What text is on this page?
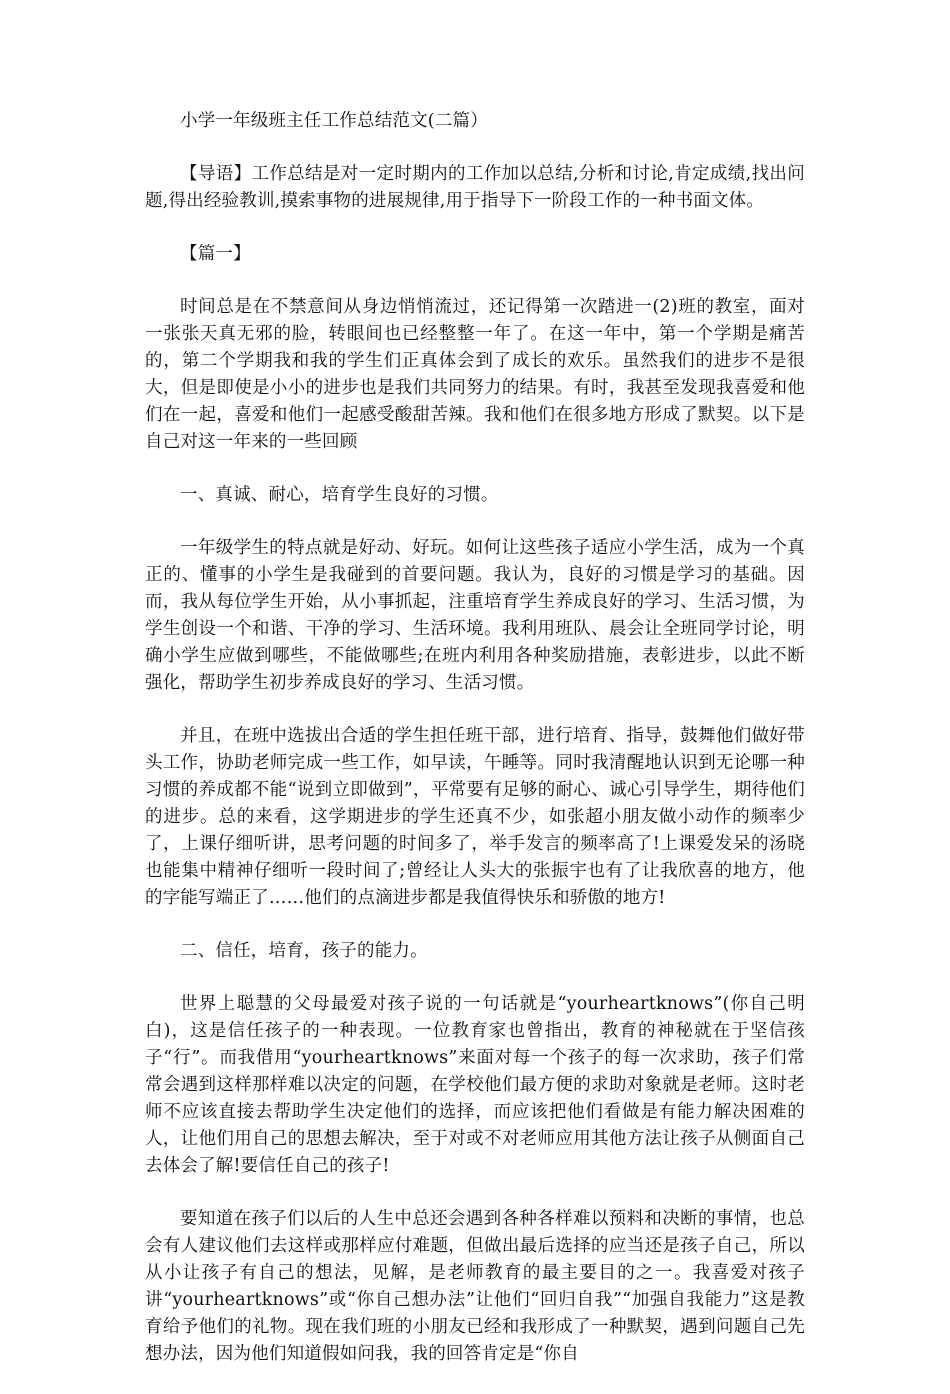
小学一年级班主任工作总结范文(二篇）

【导语】工作总结是对一定时期内的工作加以总结,分析和讨论,肯定成绩,找出问题,得出经验教训,摸索事物的进展规律,用于指导下一阶段工作的一种书面文体。

【篇一】

时间总是在不禁意间从身边悄悄流过，还记得第一次踏进一(2)班的教室，面对一张张天真无邪的脸，转眼间也已经整整一年了。在这一年中，第一个学期是痛苦的，第二个学期我和我的学生们正真体会到了成长的欢乐。虽然我们的进步不是很大，但是即使是小小的进步也是我们共同努力的结果。有时，我甚至发现我喜爱和他们在一起，喜爱和他们一起感受酸甜苦辣。我和他们在很多地方形成了默契。以下是自己对这一年来的一些回顾

一、真诚、耐心，培育学生良好的习惯。

一年级学生的特点就是好动、好玩。如何让这些孩子适应小学生活，成为一个真正的、懂事的小学生是我碰到的首要问题。我认为，良好的习惯是学习的基础。因而，我从每位学生开始，从小事抓起，注重培育学生养成良好的学习、生活习惯，为学生创设一个和谐、干净的学习、生活环境。我利用班队、晨会让全班同学讨论，明确小学生应做到哪些，不能做哪些;在班内利用各种奖励措施，表彰进步，以此不断强化，帮助学生初步养成良好的学习、生活习惯。

并且，在班中选拔出合适的学生担任班干部，进行培育、指导，鼓舞他们做好带头工作，协助老师完成一些工作，如早读，午睡等。同时我清醒地认识到无论哪一种习惯的养成都不能“说到立即做到”，平常要有足够的耐心、诚心引导学生，期待他们的进步。总的来看，这学期进步的学生还真不少，如张超小朋友做小动作的频率少了，上课仔细听讲，思考问题的时间多了，举手发言的频率高了!上课爱发呆的汤晓也能集中精神仔细听一段时间了;曾经让人头大的张振宇也有了让我欣喜的地方，他的字能写端正了……他们的点滴进步都是我值得快乐和骄傲的地方!

二、信任，培育，孩子的能力。

世界上聪慧的父母最爱对孩子说的一句话就是“yourheartknows”(你自己明白)，这是信任孩子的一种表现。一位教育家也曾指出，教育的神秘就在于坚信孩子“行”。而我借用“yourheartknows”来面对每一个孩子的每一次求助，孩子们常常会遇到这样那样难以决定的问题，在学校他们最方便的求助对象就是老师。这时老师不应该直接去帮助学生决定他们的选择，而应该把他们看做是有能力解决困难的人，让他们用自己的思想去解决，至于对或不对老师应用其他方法让孩子从侧面自己去体会了解!要信任自己的孩子!

要知道在孩子们以后的人生中总还会遇到各种各样难以预料和决断的事情，也总会有人建议他们去这样或那样应付难题，但做出最后选择的应当还是孩子自己，所以从小让孩子有自己的想法，见解，是老师教育的最主要目的之一。我喜爱对孩子讲“yourheartknows”或“你自己想办法”让他们“回归自我”“加强自我能力”这是教育给予他们的礼物。现在我们班的小朋友已经和我形成了一种默契，遇到问题自己先想办法，因为他们知道假如问我，我的回答肯定是“你自
